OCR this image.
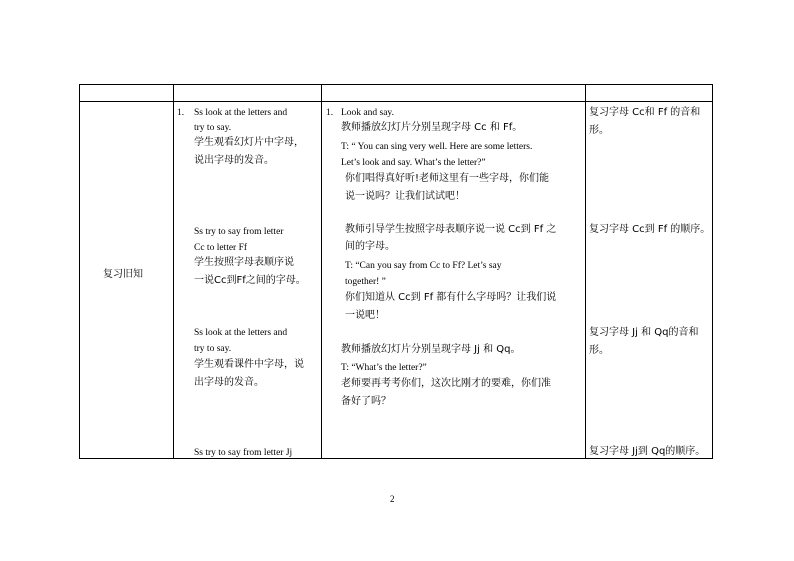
复习旧知
1. Ss look at the letters and
try to say.
学生观看幻灯片中字母，
说出字母的发音。
Ss try to say from letter
Cc to letter Ff
学生按照字母表顺序说
一说Cc到Ff之间的字母。
Ss look at the letters and
try to say.
学生观看课件中字母，说
出字母的发音。
Ss try to say from letter Jj
1. Look and say.
教师播放幻灯片分别呈现字母 Cc 和 Ff。
T: “ You can sing very well. Here are some letters.
Let’s look and say. What’s the letter?”
你们唱得真好听!老师这里有一些字母，你们能
说一说吗？让我们试试吧！
教师引导学生按照字母表顺序说一说 Cc到 Ff 之
间的字母。
T: “Can you say from Cc to Ff? Let’s say
together! ”
你们知道从 Cc到 Ff 都有什么字母吗？让我们说
一说吧！
教师播放幻灯片分别呈现字母 Jj 和 Qq。
T: “What’s the letter?”
老师要再考考你们，这次比刚才的要难，你们准
备好了吗？
复习字母 Cc和 Ff 的音和
形。
复习字母 Cc到 Ff 的顺序。
复习字母 Jj 和 Qq的音和
形。
复习字母 Jj到 Qq的顺序。
2
